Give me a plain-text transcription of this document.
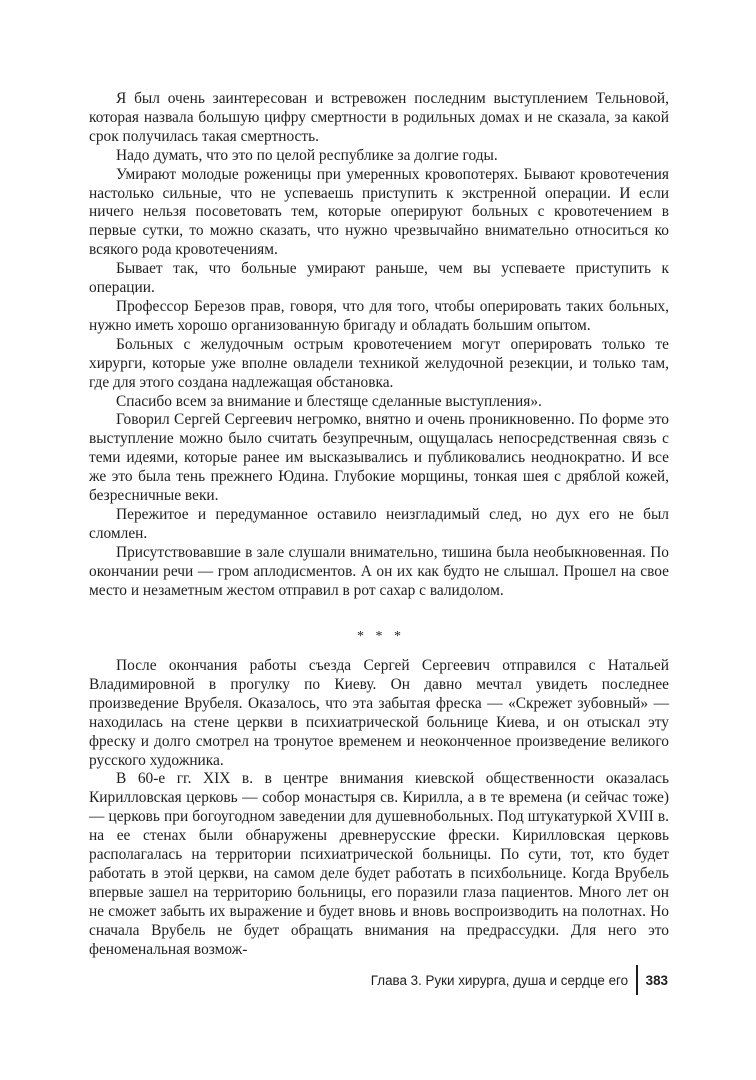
Я был очень заинтересован и встревожен последним выступлением Тельновой, которая назвала большую цифру смертности в родильных домах и не сказала, за какой срок получилась такая смертность.

Надо думать, что это по целой республике за долгие годы.

Умирают молодые роженицы при умеренных кровопотерях. Бывают кровотечения настолько сильные, что не успеваешь приступить к экстренной операции. И если ничего нельзя посоветовать тем, которые оперируют больных с кровотечением в первые сутки, то можно сказать, что нужно чрезвычайно внимательно относиться ко всякого рода кровотечениям.

Бывает так, что больные умирают раньше, чем вы успеваете приступить к операции.

Профессор Березов прав, говоря, что для того, чтобы оперировать таких больных, нужно иметь хорошо организованную бригаду и обладать большим опытом.

Больных с желудочным острым кровотечением могут оперировать только те хирурги, которые уже вполне овладели техникой желудочной резекции, и только там, где для этого создана надлежащая обстановка.

Спасибо всем за внимание и блестяще сделанные выступления».

Говорил Сергей Сергеевич негромко, внятно и очень проникновенно. По форме это выступление можно было считать безупречным, ощущалась непосредственная связь с теми идеями, которые ранее им высказывались и публиковались неоднократно. И все же это была тень прежнего Юдина. Глубокие морщины, тонкая шея с дряблой кожей, безресничные веки.

Пережитое и передуманное оставило неизгладимый след, но дух его не был сломлен.

Присутствовавшие в зале слушали внимательно, тишина была необыкновенная. По окончании речи — гром аплодисментов. А он их как будто не слышал. Прошел на свое место и незаметным жестом отправил в рот сахар с валидолом.

* * *

После окончания работы съезда Сергей Сергеевич отправился с Натальей Владимировной в прогулку по Киеву. Он давно мечтал увидеть последнее произведение Врубеля. Оказалось, что эта забытая фреска — «Скрежет зубовный» — находилась на стене церкви в психиатрической больнице Киева, и он отыскал эту фреску и долго смотрел на тронутое временем и неоконченное произведение великого русского художника.

В 60-е гг. XIX в. в центре внимания киевской общественности оказалась Кирилловская церковь — собор монастыря св. Кирилла, а в те времена (и сейчас тоже) — церковь при богоугодном заведении для душевнобольных. Под штукатуркой XVIII в. на ее стенах были обнаружены древнерусские фрески. Кирилловская церковь располагалась на территории психиатрической больницы. По сути, тот, кто будет работать в этой церкви, на самом деле будет работать в психбольнице. Когда Врубель впервые зашел на территорию больницы, его поразили глаза пациентов. Много лет он не сможет забыть их выражение и будет вновь и вновь воспроизводить на полотнах. Но сначала Врубель не будет обращать внимания на предрассудки. Для него это феноменальная возмож-

Глава 3. Руки хирурга, душа и сердце его	383
